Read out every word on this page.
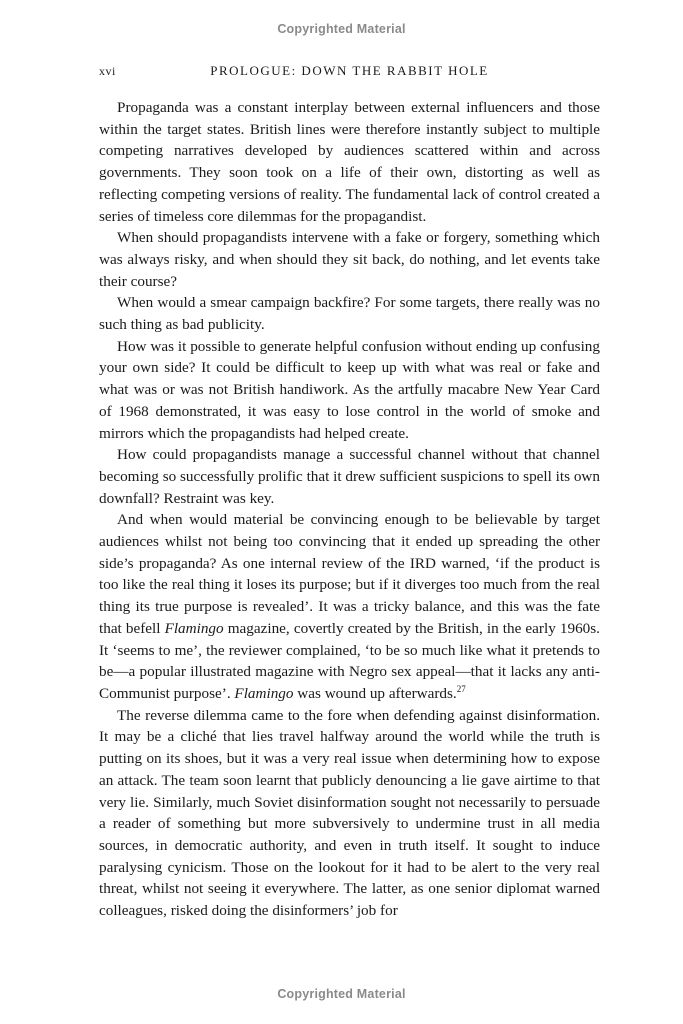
Copyrighted Material
xvi	PROLOGUE: DOWN THE RABBIT HOLE

Propaganda was a constant interplay between external influencers and those within the target states. British lines were therefore instantly subject to multiple competing narratives developed by audiences scattered within and across governments. They soon took on a life of their own, distorting as well as reflecting competing versions of reality. The fundamental lack of control created a series of timeless core dilemmas for the propagandist.

When should propagandists intervene with a fake or forgery, something which was always risky, and when should they sit back, do nothing, and let events take their course?

When would a smear campaign backfire? For some targets, there really was no such thing as bad publicity.

How was it possible to generate helpful confusion without ending up confusing your own side? It could be difficult to keep up with what was real or fake and what was or was not British handiwork. As the artfully macabre New Year Card of 1968 demonstrated, it was easy to lose control in the world of smoke and mirrors which the propagandists had helped create.

How could propagandists manage a successful channel without that channel becoming so successfully prolific that it drew sufficient suspicions to spell its own downfall? Restraint was key.

And when would material be convincing enough to be believable by target audiences whilst not being too convincing that it ended up spreading the other side’s propaganda? As one internal review of the IRD warned, ‘if the product is too like the real thing it loses its purpose; but if it diverges too much from the real thing its true purpose is revealed’. It was a tricky balance, and this was the fate that befell Flamingo magazine, covertly created by the British, in the early 1960s. It ‘seems to me’, the reviewer complained, ‘to be so much like what it pretends to be—a popular illustrated magazine with Negro sex appeal—that it lacks any anti-Communist purpose’. Flamingo was wound up afterwards.$^{27}$

The reverse dilemma came to the fore when defending against disinformation. It may be a cliché that lies travel halfway around the world while the truth is putting on its shoes, but it was a very real issue when determining how to expose an attack. The team soon learnt that publicly denouncing a lie gave airtime to that very lie. Similarly, much Soviet disinformation sought not necessarily to persuade a reader of something but more subversively to undermine trust in all media sources, in democratic authority, and even in truth itself. It sought to induce paralysing cynicism. Those on the lookout for it had to be alert to the very real threat, whilst not seeing it everywhere. The latter, as one senior diplomat warned colleagues, risked doing the disinformers’ job for

Copyrighted Material
